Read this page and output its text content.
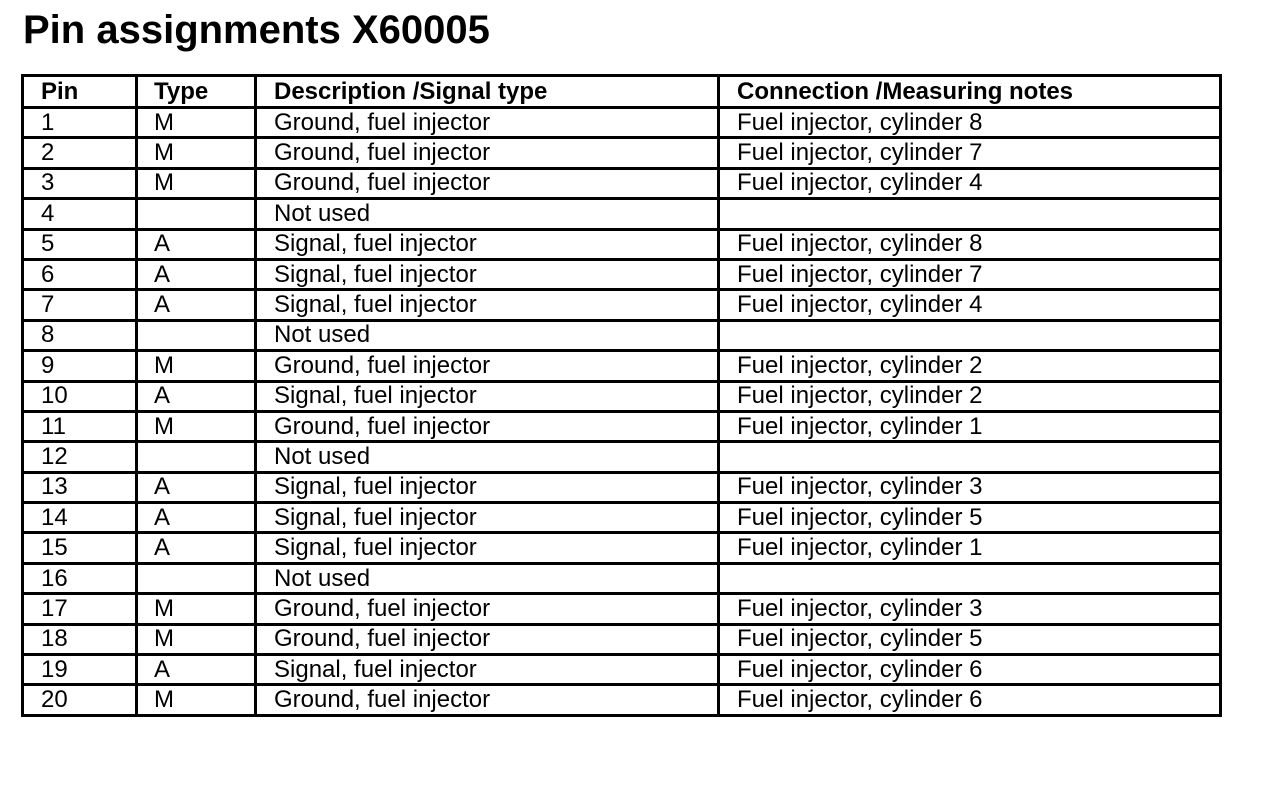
Pin assignments X60005
Pin	Type	Description /Signal type	Connection /Measuring notes
1	M	Ground, fuel injector	Fuel injector, cylinder 8
2	M	Ground, fuel injector	Fuel injector, cylinder 7
3	M	Ground, fuel injector	Fuel injector, cylinder 4
4		Not used	
5	A	Signal, fuel injector	Fuel injector, cylinder 8
6	A	Signal, fuel injector	Fuel injector, cylinder 7
7	A	Signal, fuel injector	Fuel injector, cylinder 4
8		Not used	
9	M	Ground, fuel injector	Fuel injector, cylinder 2
10	A	Signal, fuel injector	Fuel injector, cylinder 2
11	M	Ground, fuel injector	Fuel injector, cylinder 1
12		Not used	
13	A	Signal, fuel injector	Fuel injector, cylinder 3
14	A	Signal, fuel injector	Fuel injector, cylinder 5
15	A	Signal, fuel injector	Fuel injector, cylinder 1
16		Not used	
17	M	Ground, fuel injector	Fuel injector, cylinder 3
18	M	Ground, fuel injector	Fuel injector, cylinder 5
19	A	Signal, fuel injector	Fuel injector, cylinder 6
20	M	Ground, fuel injector	Fuel injector, cylinder 6
